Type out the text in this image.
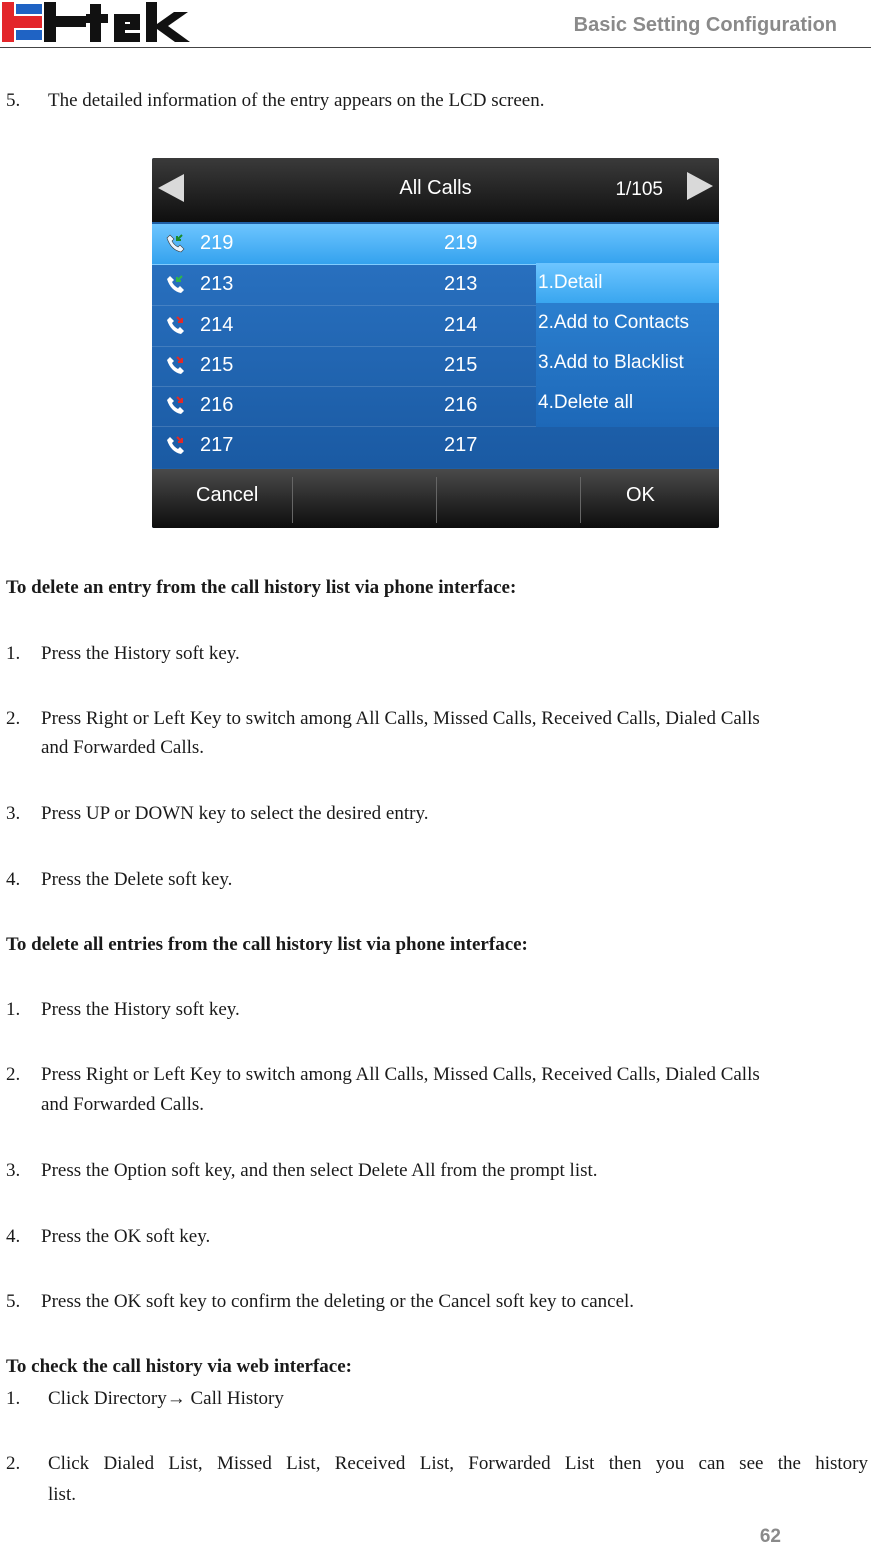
Basic Setting Configuration
5. The detailed information of the entry appears on the LCD screen.
All Calls	1/105
219	219
213	213
214	214
215	215
216	216
217	217
1.Detail
2.Add to Contacts
3.Add to Blacklist
4.Delete all
Cancel	OK
To delete an entry from the call history list via phone interface:
1. Press the History soft key.
2. Press Right or Left Key to switch among All Calls, Missed Calls, Received Calls, Dialed Calls
and Forwarded Calls.
3. Press UP or DOWN key to select the desired entry.
4. Press the Delete soft key.
To delete all entries from the call history list via phone interface:
1. Press the History soft key.
2. Press Right or Left Key to switch among All Calls, Missed Calls, Received Calls, Dialed Calls
and Forwarded Calls.
3. Press the Option soft key, and then select Delete All from the prompt list.
4. Press the OK soft key.
5. Press the OK soft key to confirm the deleting or the Cancel soft key to cancel.
To check the call history via web interface:
1. Click Directory→ Call History
2. Click Dialed List, Missed List, Received List, Forwarded List then you can see the history
list.
62
